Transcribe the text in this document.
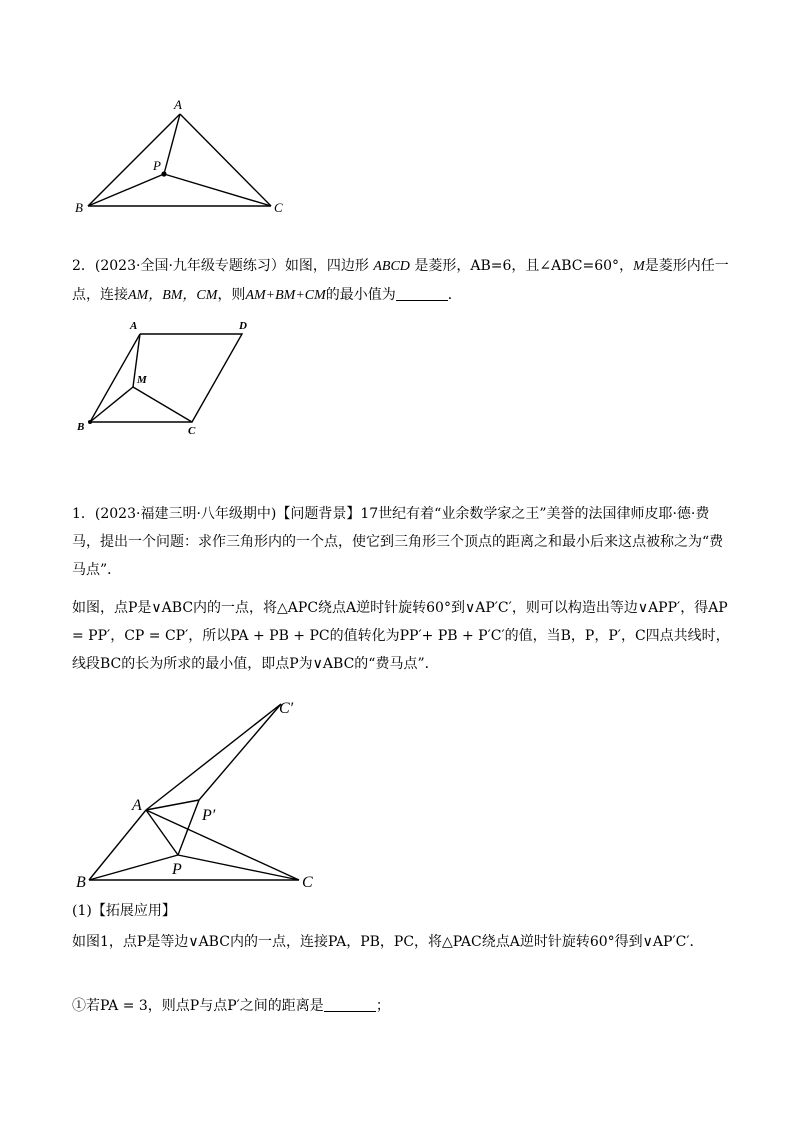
A
P
B	C

2．(2023·全国·九年级专题练习）如图，四边形 ABCD 是菱形，AB=6，且∠ABC=60°，M是菱形内任一点，连接AM，BM，CM，则AM+BM+CM的最小值为	．

A	D
M
B	C

1．(2023·福建三明·八年级期中)【问题背景】17世纪有着“业余数学家之王”美誉的法国律师皮耶·德·费马，提出一个问题：求作三角形内的一个点，使它到三角形三个顶点的距离之和最小后来这点被称之为“费马点”．

如图，点P是∨ABC内的一点，将△APC绕点A逆时针旋转60°到∨AP′C′，则可以构造出等边∨APP′，得AP = PP′，CP = CP′，所以PA + PB + PC的值转化为PP′+ PB + P′C′的值，当B，P，P′，C四点共线时，线段BC的长为所求的最小值，即点P为∨ABC的“费马点”．

C′
A
P′
P
B	C

(1)【拓展应用】

如图1，点P是等边∨ABC内的一点，连接PA，PB，PC，将△PAC绕点A逆时针旋转60°得到∨AP′C′．

①若PA = 3，则点P与点P′之间的距离是	；
